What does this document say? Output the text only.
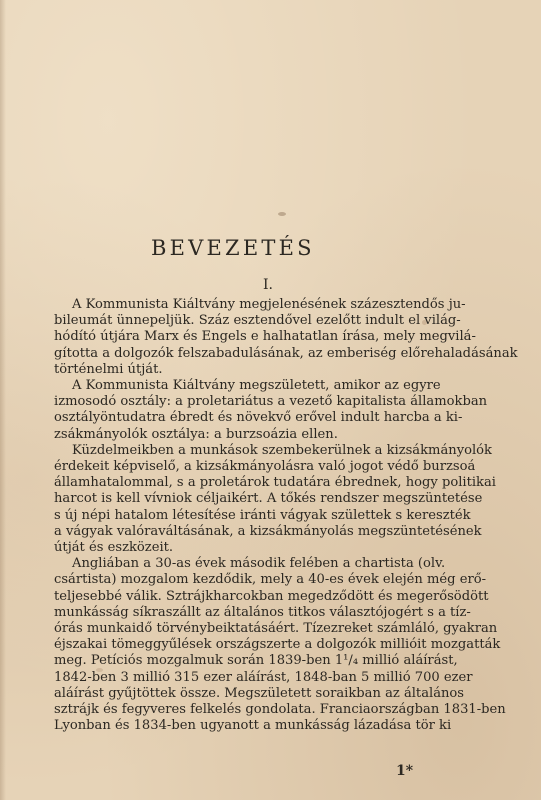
BEVEZETÉS
I.

A Kommunista Kiáltvány megjelenésének százesztendős ju-
bileumát ünnepeljük. Száz esztendővel ezelőtt indult el világ-
hódító útjára Marx és Engels e halhatatlan írása, mely megvilá-
gította a dolgozók felszabadulásának, az emberiség előrehaladásának
történelmi útját.

A Kommunista Kiáltvány megszületett, amikor az egyre
izmosodó osztály: a proletariátus a vezető kapitalista államokban
osztályöntudatra ébredt és növekvő erővel indult harcba a ki-
zsákmányolók osztálya: a burzsoázia ellen.

Küzdelmeikben a munkások szembekerülnek a kizsákmányolók
érdekeit képviselő, a kizsákmányolásra való jogot védő burzsoá
államhatalommal, s a proletárok tudatára ébrednek, hogy politikai
harcot is kell vívniok céljaikért. A tőkés rendszer megszüntetése
s új népi hatalom létesítése iránti vágyak születtek s kereszték
a vágyak valóraváltásának, a kizsákmányolás megszüntetésének
útját és eszközeit.

Angliában a 30-as évek második felében a chartista (olv.
csártista) mozgalom kezdődik, mely a 40-es évek elején még erő-
teljesebbé válik. Sztrájkharcokban megedződött és megerősödött
munkásság síkraszállt az általános titkos választójogért s a tíz-
órás munkaidő törvénybeiktatásáért. Tízezreket számláló, gyakran
éjszakai tömeggyűlések országszerte a dolgozók millióit mozgatták
meg. Petíciós mozgalmuk során 1839-ben 1¹/₄ millió aláírást,
1842-ben 3 millió 315 ezer aláírást, 1848-ban 5 millió 700 ezer
aláírást gyűjtöttek össze. Megszületett soraikban az általános
sztrájk és fegyveres felkelés gondolata. Franciaországban 1831-ben
Lyonban és 1834-ben ugyanott a munkásság lázadása tör ki

1*
